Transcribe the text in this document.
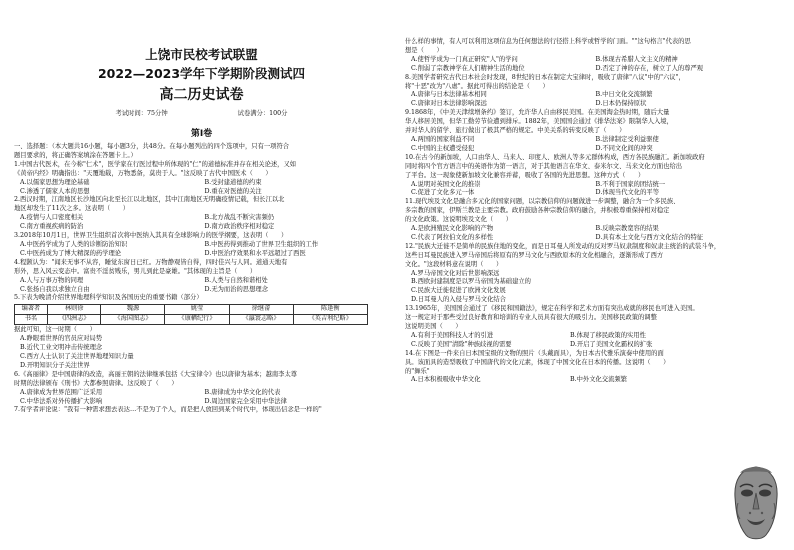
上饶市民校考试联盟
2022—2023学年下学期阶段测试四
高二历史试卷
考试时间：75分钟	试卷满分：100分
第Ⅰ卷

一、选择题：（本大题共16小题，每小题3分，共48分。在每小题列出的四个选项中，只有一项符合

题目要求的，将正确答案填涂在答题卡上。）

1.中国古代医术，在今称"仁术"，医学家在行医过程中所体现的"仁"的道德标准并存在相关论述，又如

《黄帝内经》明确指出："天覆地载，万物悉备，莫贵于人。"这反映了古代中国医术（　　）

A.以儒家思想为理论基础	B.受封建道德的约束
C.渗透了儒家人本的思想	D.重在对医德的关注

2.西汉时期，江南地区长沙地区向北至长江以北地区，其中江南地区无明确疫情记载，但长江以北

地区却发生了11次之多。这表明（　　）

A.疫情与人口密度相关	B.北方战乱不断灾害频仍
C.南方重视疾病的防治	D.南方政治秩序相对稳定

3.2018年10月1日，世界卫生组织首次将中医纳入其具有全球影响力的医学纲要，这表明（　　）

A.中医药学成为了人类的诊断防治知识	B.中医药得到推动了世界卫生组织的工作
C.中医药成为了博大精深的药学理论	D.中医治疗效果和水平远超过了西医

4.程颢认为："闻来无事不从容，睡觉东窗日已红。万物静观皆自得，四时佳兴与人同。道通天地有

形外，思入风云变态中。富贵不淫贫贱乐，男儿到此是豪雄。"其体现的主旨是（　　）

A.人与万事万物的同理	B.人类与自然和谐相处
C.张扬自我以求独立自由	D.无为而治的思想理念

5.下表为晚清介绍世界地理科学知识及各国历史的重要书籍（部分）

编著者	林则徐	魏源	姚莹	徐继畬	陈逢衡
书名	《四洲志》	《海国图志》	《康輶纪行》	《瀛寰志略》	《英吉利纪略》

据此可知，这一时期（　　）

A.睁眼看世界的官员应对局势

B.近代工业文明冲击传统理念

C.西方人士认识了关注世界地理知识力量

D.开明知识分子关注世界

6.《高丽律》是中国唐律的改造，高丽王朝的法律继承包括《大宝律令》也以唐律为基本；越南李太尊

时期的法律颁布《刑书》大都参照唐律。这反映了（　　）

A.唐律成为世界范围广泛采用	B.唐律成为中华文化的代表
C.中华法系对外传播扩大影响	D.周边国家完全采用中华法律

7.有学者评论说："我有一种需求想去表达…不是为了个人，而是把人放回到某个时代中，体现出信念是一样的"

什么样的事情，有人可以利用这项信息为任何想法的行径搭上科学或哲学的门面。""这句格言"代表的思

想是（　　）

A.使哲学成为一门真正研究"人"的学问	B.体现古希腊人文主义的精神
C.削弱了宗教神学在人们精神生活的地位	D.否定了神的存在，树立了人的尊严观

8.美国学者研究古代日本社会时发现，8世纪的日本在制定大宝律时，吸收了唐律"八议"中的"六议"，

将"十恶"改为"八虐"。据此可得出的结论是（　　）

A.唐律与日本法律基本相同	B.中日文化交流频繁
C.唐律对日本法律影响深远	D.日本仍保持原状

9.1868年，《中美天津续增条约》签订，允许华人自由移民美国。在美国淘金热时期，随后大量

华人移居美国，但华工勤劳节俭遭到排斥。1882年，美国国会通过《排华法案》限制华人入境，

并对华人的留学、旅行做出了极其严格的规定。中美关系的转变反映了（　　）

A.两国的国家利益不同	B.法律制定受利益驱使
C.中国的主权遭受侵犯	D.不同文化间的冲突

10.在古今的新加坡，人口由华人、马来人、印度人、欧洲人等多元群体构成，西方各民族融汇。新加坡政府

同时将四个官方语言中的英语作为第一语言，对于其他语言在华文、泰米尔文、马来文化方面也给出

了平台。这一现象使新加坡文化兼容并蓄，吸收了各国的先进思想。这种方式（　　）

A.说明对英国文化的推崇	B.不利于国家的团结统一
C.促进了文化多元一体	D.体现当代文化的平等

11.现代埃及文化是融合多元化的国家问题，以宗教信仰的问题做进一步调整，融合为一个多民族、

多宗教的国家，伊斯兰教是主要宗教。政府鼓励各种宗教信仰的融合，并积极尊重保持相对稳定

的文化政策。这说明埃及文化（　　）

A.是欧洲殖民文化影响的产物	B.反映宗教宽容的结果
C.代表了阿拉伯文化的多样性	D.具有本土文化与西方文化结合的特征

12."民族大迁徙不是简单的民族住地的变化，而是日耳曼人所发动的反对罗马奴隶制度和奴隶主统治的武装斗争，

这些日耳曼民族进入罗马帝国后将原有的罗马文化与西欧原本的文化相融合，逐渐形成了西方

文化。"这段材料意在说明（　　）

A.罗马帝国文化对后世影响深远

B.西欧封建制度是以罗马帝国为基础建立的

C.民族大迁徙促进了欧洲文化发展

D.日耳曼人的入侵与罗马文化结合

13.1965年，美国国会通过了《移民和国籍法》，规定在科学和艺术方面有突出成就的移民也可进入美国。

这一规定对于那些受过良好教育和培训的专业人员具有很大的吸引力。美国移民政策的调整

这说明美国（　　）

A.有利于美国科技人才的引进	B.体现了移民政策的实用性
C.反映了美国"清除"种族歧视的需要	D.开启了美国文化霸权的扩张

14.在下图是一件来自日本国宝级的文物的照片（头戴面具），为日本古代雅乐演奏中使用的面

具。该面具的造型吸收了中国唐代的文化元素，体现了中国文化在日本的传播。这说明（　　）

的"舞乐"

A.日本积极吸收中华文化	B.中外文化交流频繁
